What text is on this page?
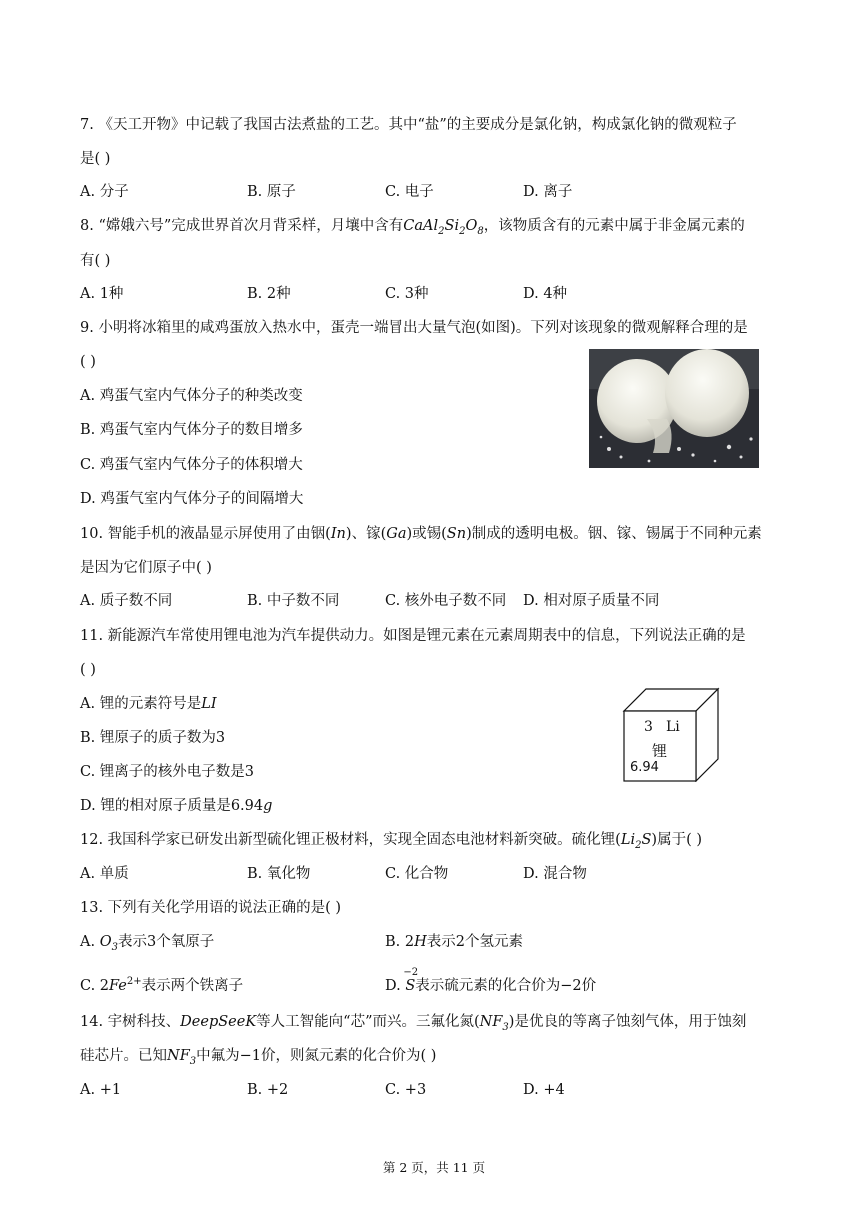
7. 《天工开物》中记载了我国古法煮盐的工艺。其中“盐”的主要成分是氯化钠，构成氯化钠的微观粒子
是( )
A. 分子	B. 原子	C. 电子	D. 离子
8. “嫦娥六号”完成世界首次月背采样，月壤中含有$CaAl_2Si_2O_8$，该物质含有的元素中属于非金属元素的
有( )
A. 1种	B. 2种	C. 3种	D. 4种
9. 小明将冰箱里的咸鸡蛋放入热水中，蛋壳一端冒出大量气泡(如图)。下列对该现象的微观解释合理的是
( )
A. 鸡蛋气室内气体分子的种类改变
B. 鸡蛋气室内气体分子的数目增多
C. 鸡蛋气室内气体分子的体积增大
D. 鸡蛋气室内气体分子的间隔增大
10. 智能手机的液晶显示屏使用了由铟(In)、镓(Ga)或锡(Sn)制成的透明电极。铟、镓、锡属于不同种元素
是因为它们原子中( )
A. 质子数不同	B. 中子数不同	C. 核外电子数不同 D. 相对原子质量不同
11. 新能源汽车常使用锂电池为汽车提供动力。如图是锂元素在元素周期表中的信息，下列说法正确的是
( )
A. 锂的元素符号是LI
B. 锂原子的质子数为3
C. 锂离子的核外电子数是3
D. 锂的相对原子质量是6.94g
3 Li
锂
6.94
12. 我国科学家已研发出新型硫化锂正极材料，实现全固态电池材料新突破。硫化锂$(Li_2S)$属于( )
A. 单质	B. 氧化物	C. 化合物	D. 混合物
13. 下列有关化学用语的说法正确的是( )
A. $O_3$表示3个氧原子	B. 2H表示2个氢元素
C. $2Fe^{2+}$表示两个铁离子	D.
−2
S表示硫元素的化合价为−2价
14. 宇树科技、DeepSeeK等人工智能向“芯”而兴。三氟化氮$(NF_3)$是优良的等离子蚀刻气体，用于蚀刻
硅芯片。已知$NF_3$中氟为−1价，则氮元素的化合价为( )
A. +1	B. +2	C. +3	D. +4
第 2 页，共 11 页
